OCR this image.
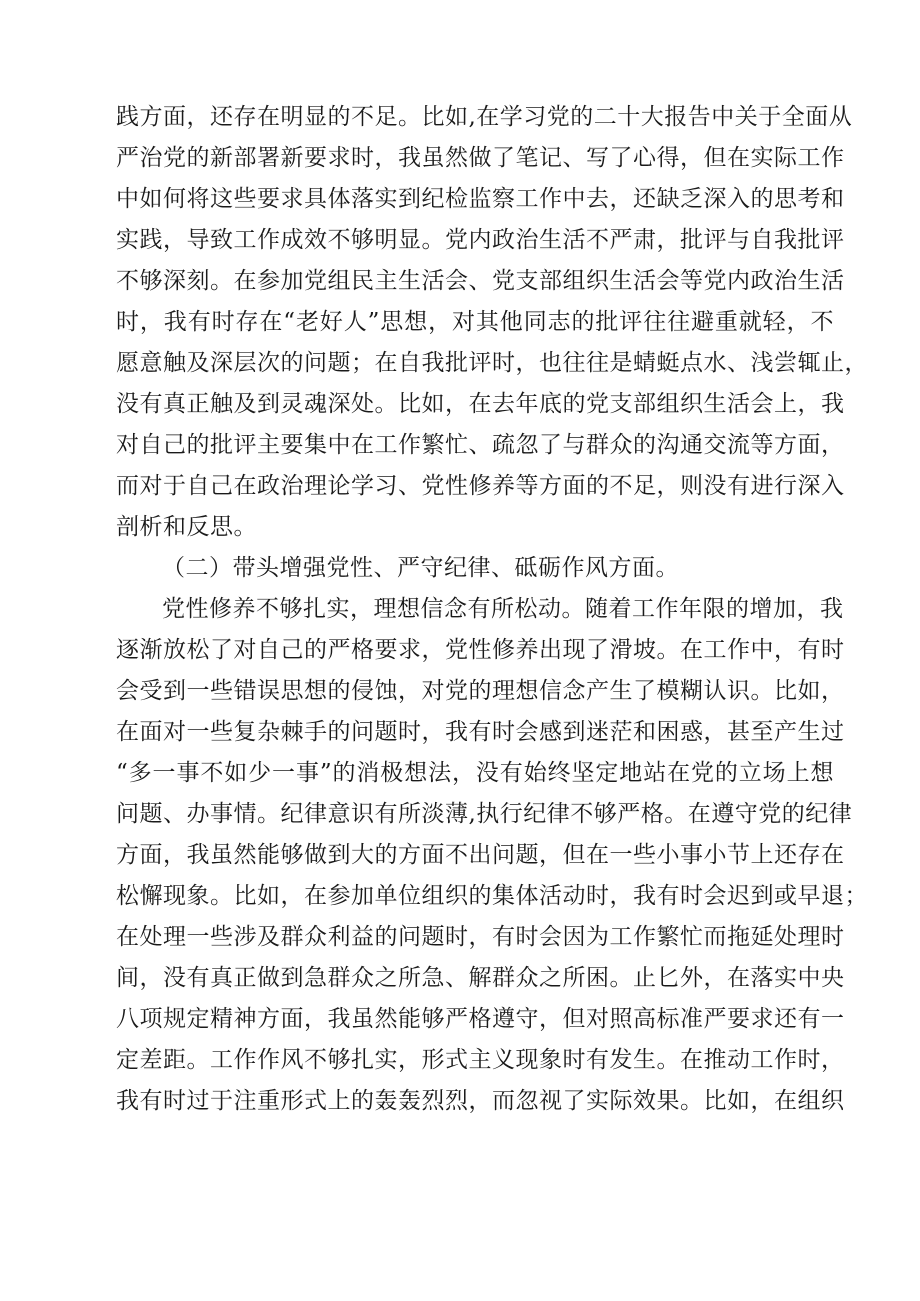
践方面，还存在明显的不足。比如,在学习党的二十大报告中关于全面从
严治党的新部署新要求时，我虽然做了笔记、写了心得，但在实际工作
中如何将这些要求具体落实到纪检监察工作中去，还缺乏深入的思考和
实践，导致工作成效不够明显。党内政治生活不严肃，批评与自我批评
不够深刻。在参加党组民主生活会、党支部组织生活会等党内政治生活
时，我有时存在“老好人”思想，对其他同志的批评往往避重就轻，不
愿意触及深层次的问题；在自我批评时，也往往是蜻蜓点水、浅尝辄止，
没有真正触及到灵魂深处。比如，在去年底的党支部组织生活会上，我
对自己的批评主要集中在工作繁忙、疏忽了与群众的沟通交流等方面，
而对于自己在政治理论学习、党性修养等方面的不足，则没有进行深入
剖析和反思。
（二）带头增强党性、严守纪律、砥砺作风方面。
党性修养不够扎实，理想信念有所松动。随着工作年限的增加，我
逐渐放松了对自己的严格要求，党性修养出现了滑坡。在工作中，有时
会受到一些错误思想的侵蚀，对党的理想信念产生了模糊认识。比如，
在面对一些复杂棘手的问题时，我有时会感到迷茫和困惑，甚至产生过
“多一事不如少一事”的消极想法，没有始终坚定地站在党的立场上想
问题、办事情。纪律意识有所淡薄,执行纪律不够严格。在遵守党的纪律
方面，我虽然能够做到大的方面不出问题，但在一些小事小节上还存在
松懈现象。比如，在参加单位组织的集体活动时，我有时会迟到或早退；
在处理一些涉及群众利益的问题时，有时会因为工作繁忙而拖延处理时
间，没有真正做到急群众之所急、解群众之所困。止匕外，在落实中央
八项规定精神方面，我虽然能够严格遵守，但对照高标准严要求还有一
定差距。工作作风不够扎实，形式主义现象时有发生。在推动工作时，
我有时过于注重形式上的轰轰烈烈，而忽视了实际效果。比如，在组织
